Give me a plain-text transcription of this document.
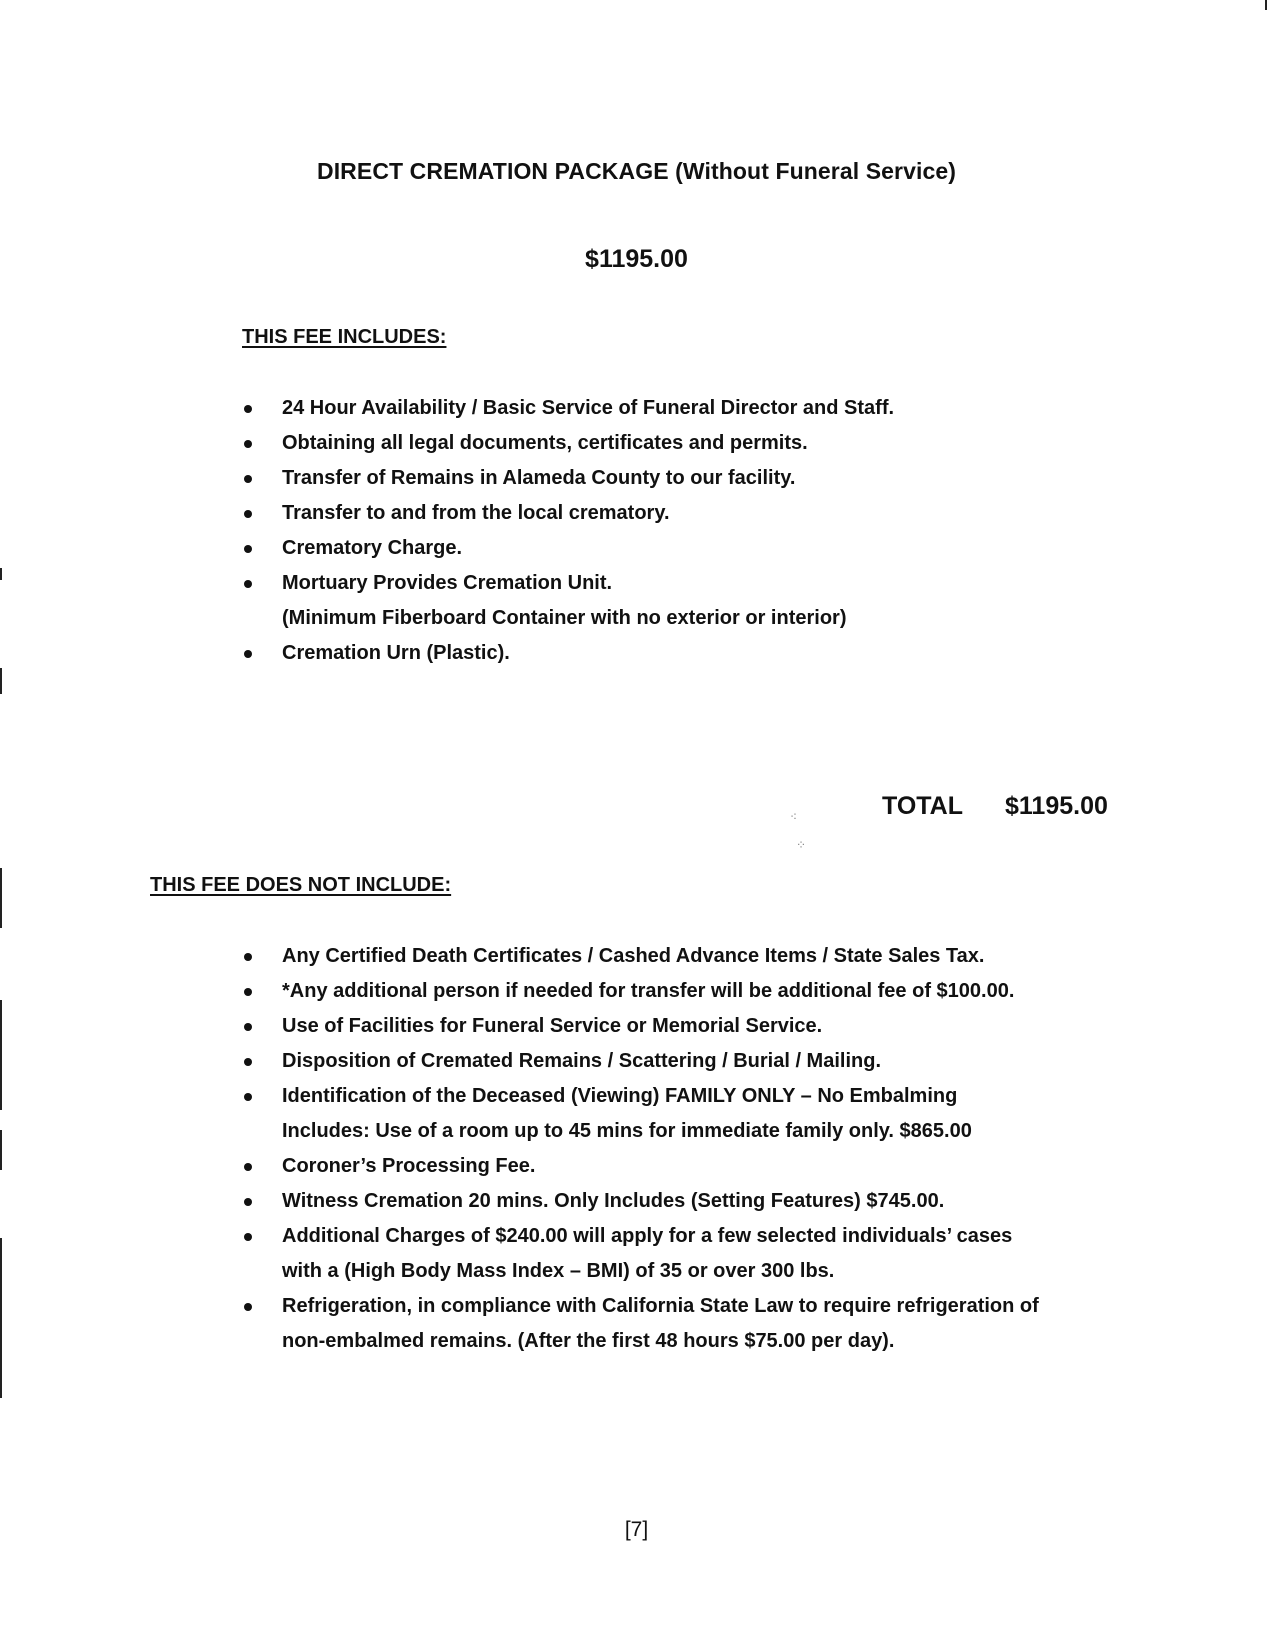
DIRECT CREMATION PACKAGE (Without Funeral Service)
$1195.00
THIS FEE INCLUDES:
24 Hour Availability / Basic Service of Funeral Director and Staff.
Obtaining all legal documents, certificates and permits.
Transfer of Remains in Alameda County to our facility.
Transfer to and from the local crematory.
Crematory Charge.
Mortuary Provides Cremation Unit.
(Minimum Fiberboard Container with no exterior or interior)
Cremation Urn (Plastic).
TOTAL $1195.00
THIS FEE DOES NOT INCLUDE:
Any Certified Death Certificates / Cashed Advance Items / State Sales Tax.
*Any additional person if needed for transfer will be additional fee of $100.00.
Use of Facilities for Funeral Service or Memorial Service.
Disposition of Cremated Remains / Scattering / Burial / Mailing.
Identification of the Deceased (Viewing) FAMILY ONLY – No Embalming
Includes: Use of a room up to 45 mins for immediate family only. $865.00
Coroner’s Processing Fee.
Witness Cremation 20 mins. Only Includes (Setting Features) $745.00.
Additional Charges of $240.00 will apply for a few selected individuals’ cases
with a (High Body Mass Index – BMI) of 35 or over 300 lbs.
Refrigeration, in compliance with California State Law to require refrigeration of
non-embalmed remains. (After the first 48 hours $75.00 per day).
[7]
⁖
⁘
